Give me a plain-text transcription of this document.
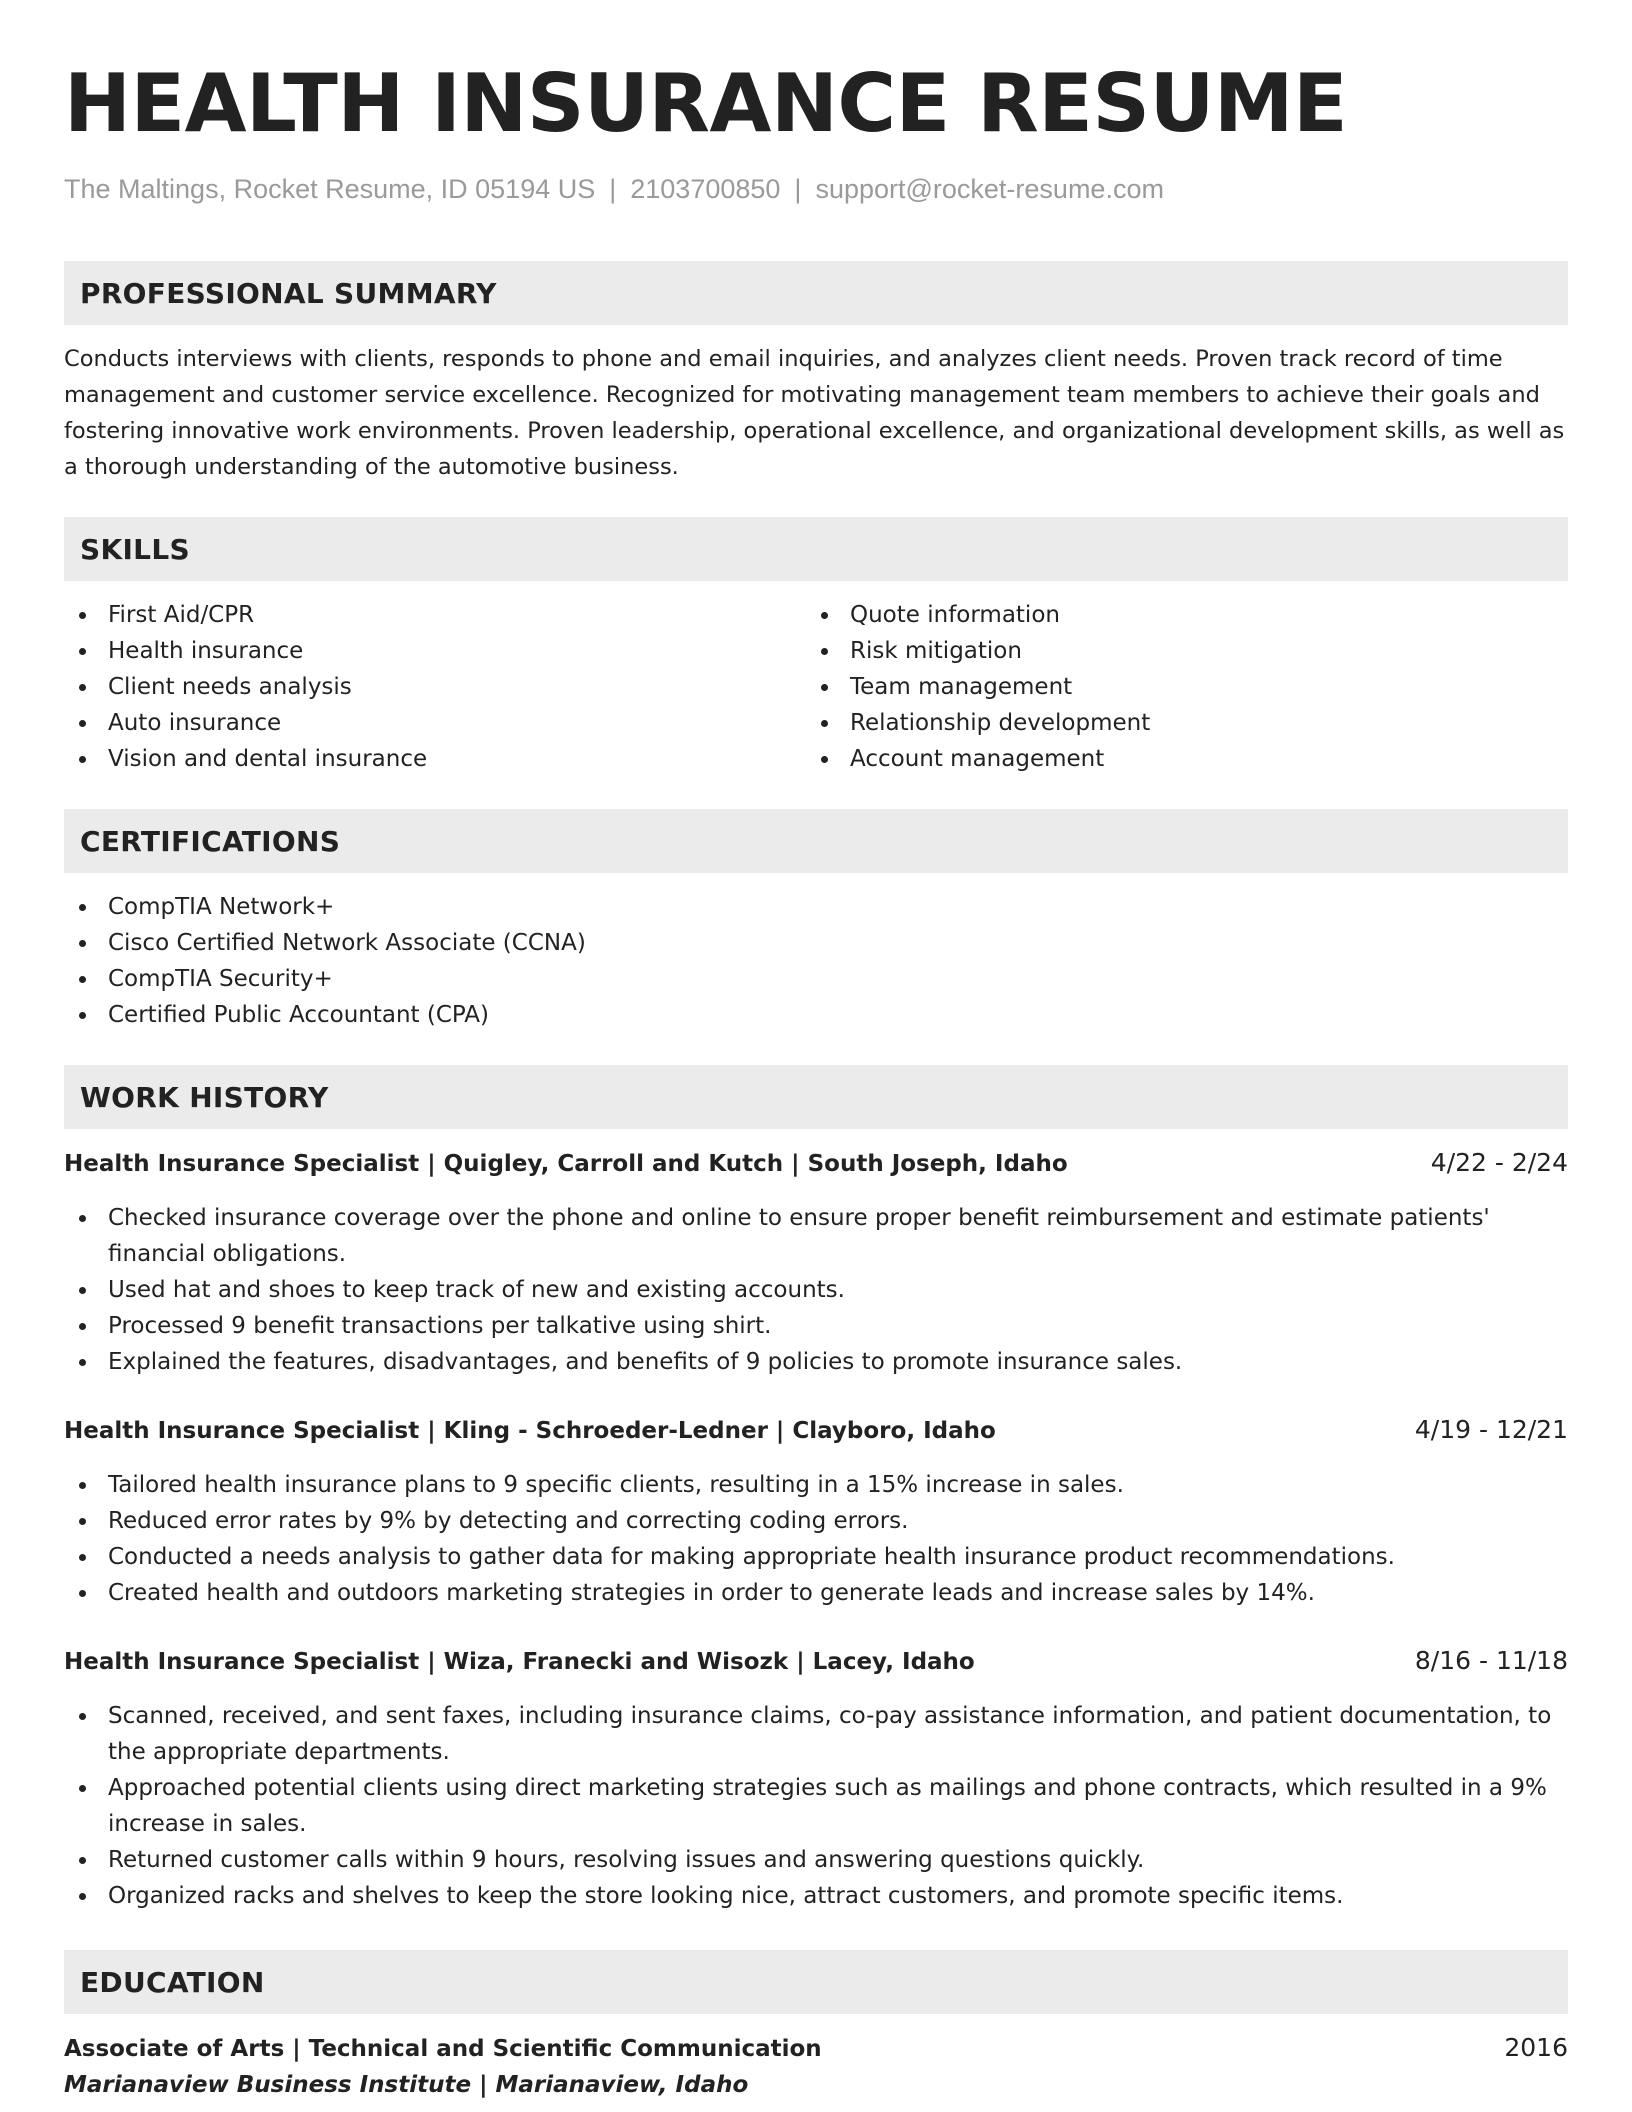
HEALTH INSURANCE RESUME
The Maltings, Rocket Resume, ID 05194 US | 2103700850 | support@rocket-resume.com
PROFESSIONAL SUMMARY

Conducts interviews with clients, responds to phone and email inquiries, and analyzes client needs. Proven track record of time management and customer service excellence. Recognized for motivating management team members to achieve their goals and fostering innovative work environments. Proven leadership, operational excellence, and organizational development skills, as well as a thorough understanding of the automotive business.

SKILLS
First Aid/CPR
Health insurance
Client needs analysis
Auto insurance
Vision and dental insurance
Quote information
Risk mitigation
Team management
Relationship development
Account management
CERTIFICATIONS
CompTIA Network+
Cisco Certified Network Associate (CCNA)
CompTIA Security+
Certified Public Accountant (CPA)
WORK HISTORY
Health Insurance Specialist | Quigley, Carroll and Kutch | South Joseph, Idaho	4/22 - 2/24
Checked insurance coverage over the phone and online to ensure proper benefit reimbursement and estimate patients' financial obligations.
Used hat and shoes to keep track of new and existing accounts.
Processed 9 benefit transactions per talkative using shirt.
Explained the features, disadvantages, and benefits of 9 policies to promote insurance sales.
Health Insurance Specialist | Kling - Schroeder-Ledner | Clayboro, Idaho	4/19 - 12/21
Tailored health insurance plans to 9 specific clients, resulting in a 15% increase in sales.
Reduced error rates by 9% by detecting and correcting coding errors.
Conducted a needs analysis to gather data for making appropriate health insurance product recommendations.
Created health and outdoors marketing strategies in order to generate leads and increase sales by 14%.
Health Insurance Specialist | Wiza, Franecki and Wisozk | Lacey, Idaho	8/16 - 11/18
Scanned, received, and sent faxes, including insurance claims, co-pay assistance information, and patient documentation, to the appropriate departments.
Approached potential clients using direct marketing strategies such as mailings and phone contracts, which resulted in a 9% increase in sales.
Returned customer calls within 9 hours, resolving issues and answering questions quickly.
Organized racks and shelves to keep the store looking nice, attract customers, and promote specific items.
EDUCATION
Associate of Arts | Technical and Scientific Communication	2016
Marianaview Business Institute | Marianaview, Idaho
